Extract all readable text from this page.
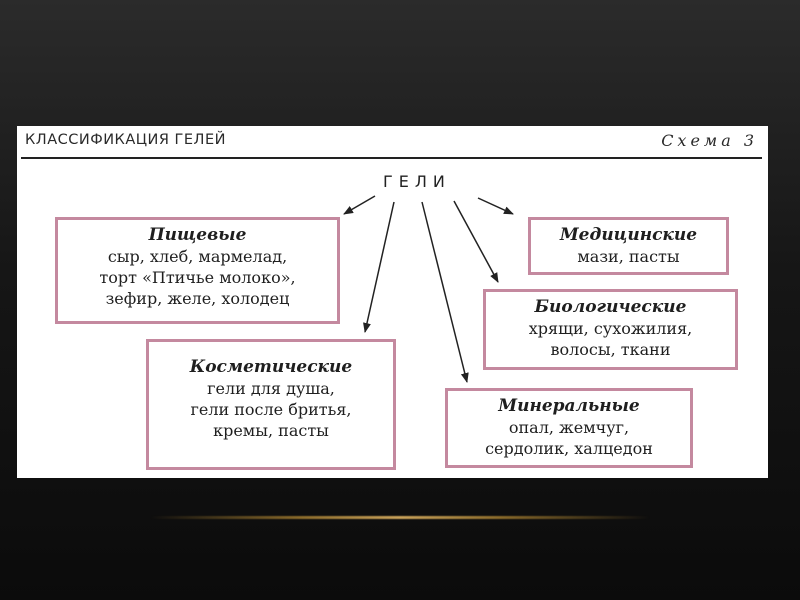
КЛАССИФИКАЦИЯ ГЕЛЕЙ	Схема 3
ГЕЛИ
Пищевые
сыр, хлеб, мармелад,
торт «Птичье молоко»,
зефир, желе, холодец
Медицинские
мази, пасты
Биологические
хрящи, сухожилия,
волосы, ткани
Косметические
гели для душа,
гели после бритья,
кремы, пасты
Минеральные
опал, жемчуг,
сердолик, халцедон
